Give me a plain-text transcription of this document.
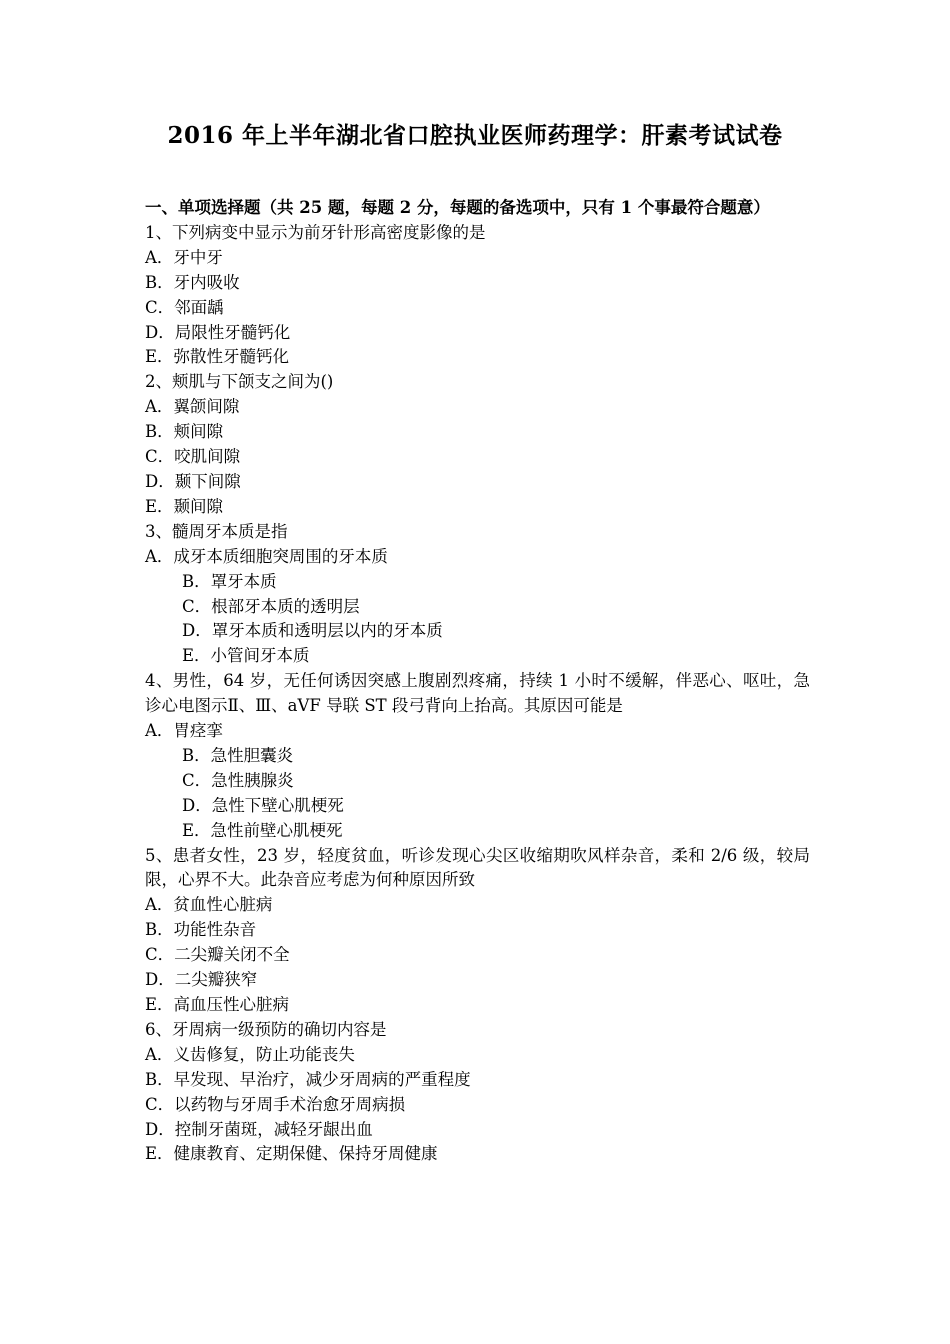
2016 年上半年湖北省口腔执业医师药理学：肝素考试试卷
一、单项选择题（共 25 题，每题 2 分，每题的备选项中，只有 1 个事最符合题意）
1、下列病变中显示为前牙针形高密度影像的是
A．牙中牙
B．牙内吸收
C．邻面龋
D．局限性牙髓钙化
E．弥散性牙髓钙化
2、颊肌与下颌支之间为()
A．翼颌间隙
B．颊间隙
C．咬肌间隙
D．颞下间隙
E．颞间隙
3、髓周牙本质是指
A．成牙本质细胞突周围的牙本质
B．罩牙本质
C．根部牙本质的透明层
D．罩牙本质和透明层以内的牙本质
E．小管间牙本质
4、男性，64 岁，无任何诱因突感上腹剧烈疼痛，持续 1 小时不缓解，伴恶心、呕吐，急诊心电图示Ⅱ、Ⅲ、aVF 导联 ST 段弓背向上抬高。其原因可能是
A．胃痉挛
B．急性胆囊炎
C．急性胰腺炎
D．急性下壁心肌梗死
E．急性前壁心肌梗死
5、患者女性，23 岁，轻度贫血，听诊发现心尖区收缩期吹风样杂音，柔和 2/6 级，较局限，心界不大。此杂音应考虑为何种原因所致
A．贫血性心脏病
B．功能性杂音
C．二尖瓣关闭不全
D．二尖瓣狭窄
E．高血压性心脏病
6、牙周病一级预防的确切内容是
A．义齿修复，防止功能丧失
B．早发现、早治疗，减少牙周病的严重程度
C．以药物与牙周手术治愈牙周病损
D．控制牙菌斑，减轻牙龈出血
E．健康教育、定期保健、保持牙周健康
